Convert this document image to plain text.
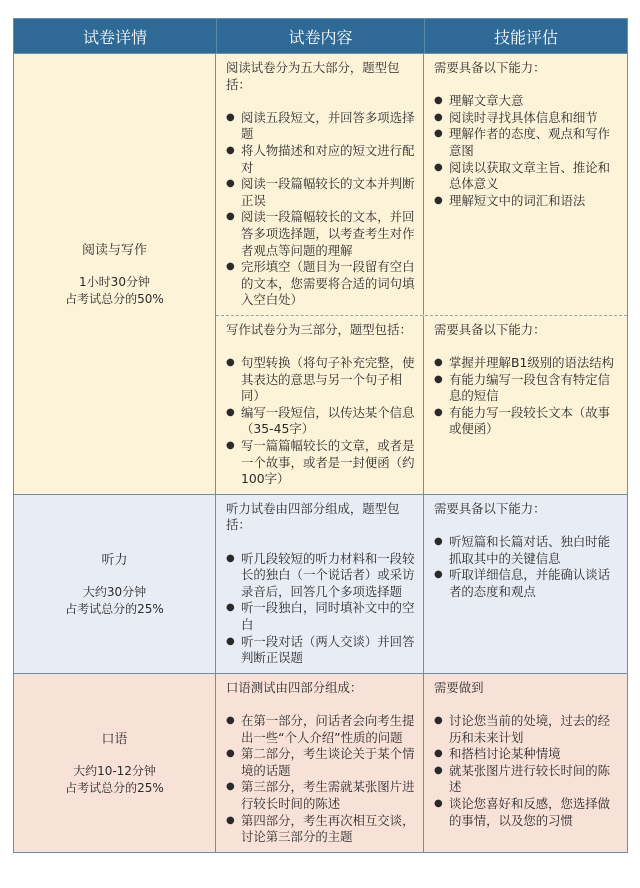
试卷详情	试卷内容	技能评估
阅读与写作
1小时30分钟
占考试总分的50%
阅读试卷分为五大部分，题型包括：
● 阅读五段短文，并回答多项选择题
● 将人物描述和对应的短文进行配对
● 阅读一段篇幅较长的文本并判断正误
● 阅读一段篇幅较长的文本，并回答多项选择题，以考查考生对作者观点等问题的理解
● 完形填空（题目为一段留有空白的文本，您需要将合适的词句填入空白处）
需要具备以下能力：
● 理解文章大意
● 阅读时寻找具体信息和细节
● 理解作者的态度、观点和写作意图
● 阅读以获取文章主旨、推论和总体意义
● 理解短文中的词汇和语法
写作试卷分为三部分，题型包括：
● 句型转换（将句子补充完整，使其表达的意思与另一个句子相同）
● 编写一段短信，以传达某个信息（35-45字）
● 写一篇篇幅较长的文章，或者是一个故事，或者是一封便函（约100字）
需要具备以下能力：
● 掌握并理解B1级别的语法结构
● 有能力编写一段包含有特定信息的短信
● 有能力写一段较长文本（故事或便函）
听力
大约30分钟
占考试总分的25%
听力试卷由四部分组成，题型包括：
● 听几段较短的听力材料和一段较长的独白（一个说话者）或采访录音后，回答几个多项选择题
● 听一段独白，同时填补文中的空白
● 听一段对话（两人交谈）并回答判断正误题
需要具备以下能力：
● 听短篇和长篇对话、独白时能抓取其中的关键信息
● 听取详细信息，并能确认谈话者的态度和观点
口语
大约10-12分钟
占考试总分的25%
口语测试由四部分组成：
● 在第一部分，问话者会向考生提出一些“个人介绍”性质的问题
● 第二部分，考生谈论关于某个情境的话题
● 第三部分，考生需就某张图片进行较长时间的陈述
● 第四部分，考生再次相互交谈，讨论第三部分的主题
需要做到
● 讨论您当前的处境，过去的经历和未来计划
● 和搭档讨论某种情境
● 就某张图片进行较长时间的陈述
● 谈论您喜好和反感，您选择做的事情，以及您的习惯
